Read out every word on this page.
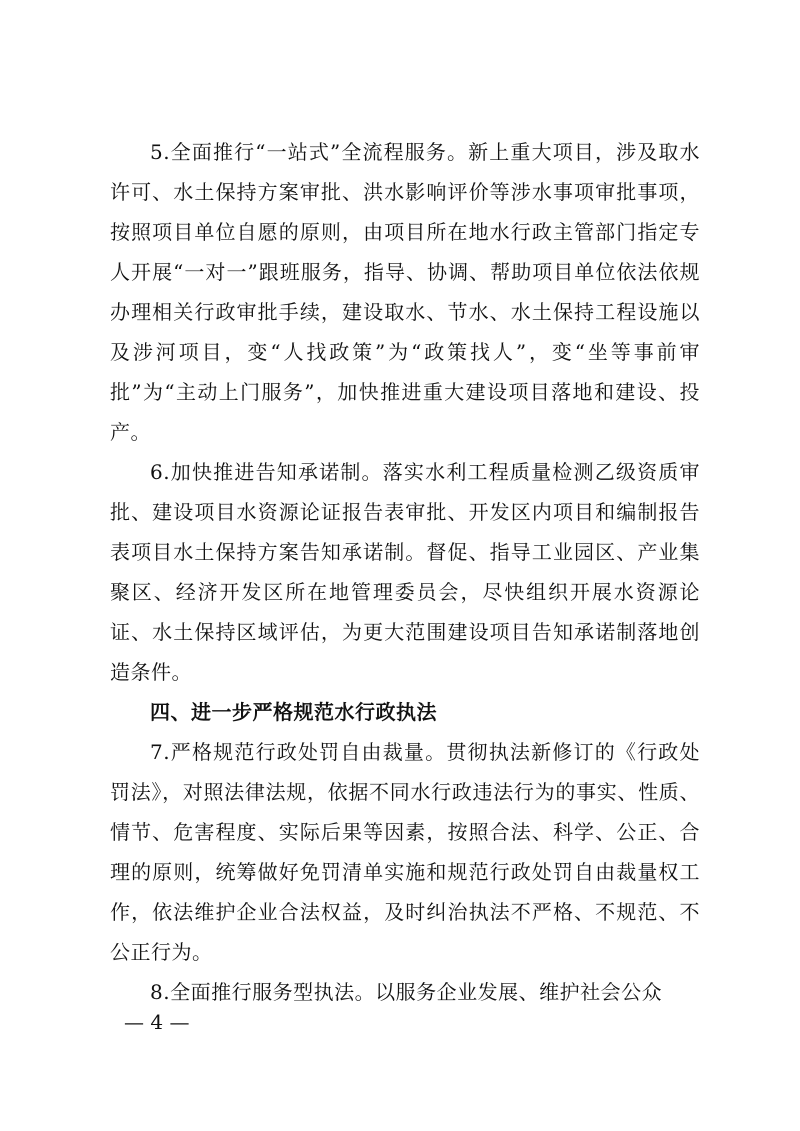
5.全面推行“一站式”全流程服务。新上重大项目，涉及取水许可、水土保持方案审批、洪水影响评价等涉水事项审批事项，按照项目单位自愿的原则，由项目所在地水行政主管部门指定专人开展“一对一”跟班服务，指导、协调、帮助项目单位依法依规办理相关行政审批手续，建设取水、节水、水土保持工程设施以及涉河项目，变“人找政策”为“政策找人”，变“坐等事前审批”为“主动上门服务”，加快推进重大建设项目落地和建设、投产。

6.加快推进告知承诺制。落实水利工程质量检测乙级资质审批、建设项目水资源论证报告表审批、开发区内项目和编制报告表项目水土保持方案告知承诺制。督促、指导工业园区、产业集聚区、经济开发区所在地管理委员会，尽快组织开展水资源论证、水土保持区域评估，为更大范围建设项目告知承诺制落地创造条件。

四、进一步严格规范水行政执法

7.严格规范行政处罚自由裁量。贯彻执法新修订的《行政处罚法》，对照法律法规，依据不同水行政违法行为的事实、性质、情节、危害程度、实际后果等因素，按照合法、科学、公正、合理的原则，统筹做好免罚清单实施和规范行政处罚自由裁量权工作，依法维护企业合法权益，及时纠治执法不严格、不规范、不公正行为。

8.全面推行服务型执法。以服务企业发展、维护社会公众

— 4 —
